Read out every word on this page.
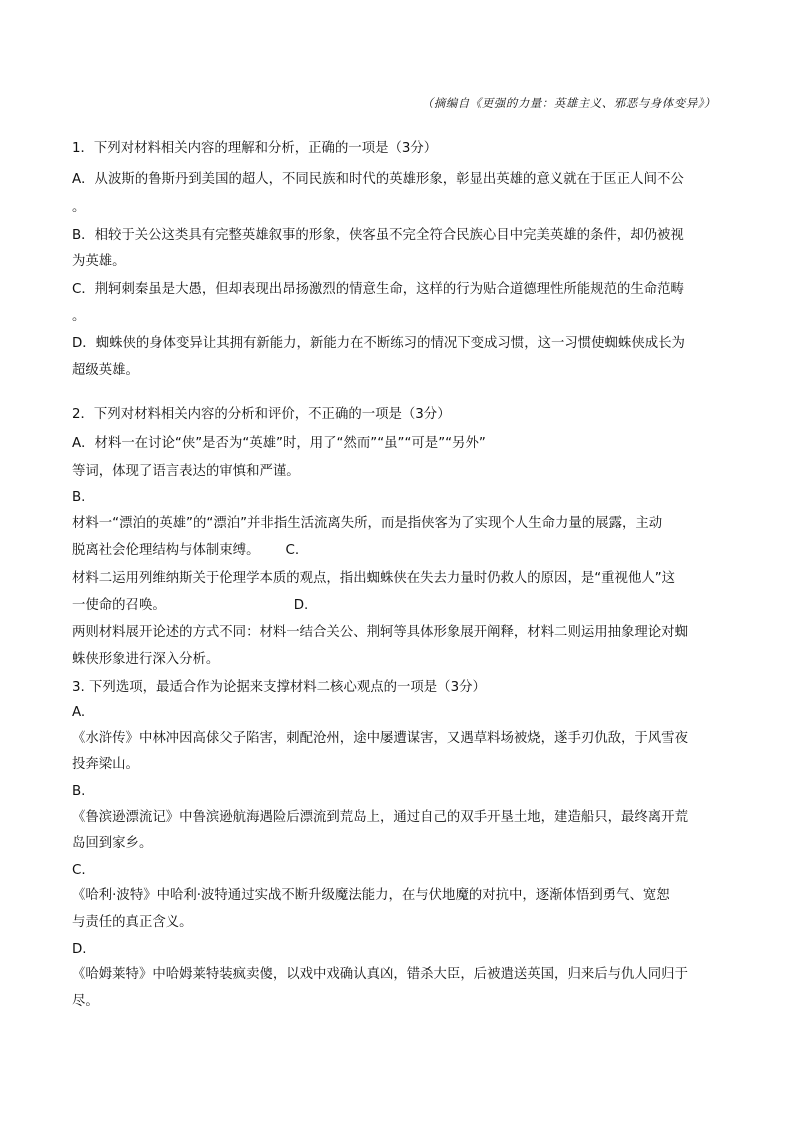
（摘编自《更强的力量：英雄主义、邪恶与身体变异》）
1．下列对材料相关内容的理解和分析，正确的一项是（3分）
A．从波斯的鲁斯丹到美国的超人，不同民族和时代的英雄形象，彰显出英雄的意义就在于匡正人间不公
。
B．相较于关公这类具有完整英雄叙事的形象，侠客虽不完全符合民族心目中完美英雄的条件，却仍被视
为英雄。
C．荆轲刺秦虽是大愚，但却表现出昂扬激烈的情意生命，这样的行为贴合道德理性所能规范的生命范畴
。
D．蜘蛛侠的身体变异让其拥有新能力，新能力在不断练习的情况下变成习惯，这一习惯使蜘蛛侠成长为
超级英雄。
2．下列对材料相关内容的分析和评价，不正确的一项是（3分）
A．材料一在讨论“侠”是否为“英雄”时，用了“然而”“虽”“可是”“另外”
等词，体现了语言表达的审慎和严谨。
B.
材料一“漂泊的英雄”的“漂泊”并非指生活流离失所，而是指侠客为了实现个人生命力量的展露，主动
脱离社会伦理结构与体制束缚。 C.
材料二运用列维纳斯关于伦理学本质的观点，指出蜘蛛侠在失去力量时仍救人的原因，是“重视他人”这
一使命的召唤。	D.
两则材料展开论述的方式不同：材料一结合关公、荆轲等具体形象展开阐释，材料二则运用抽象理论对蜘
蛛侠形象进行深入分析。
3. 下列选项，最适合作为论据来支撑材料二核心观点的一项是（3分）
A.
《水浒传》中林冲因高俅父子陷害，刺配沧州，途中屡遭谋害，又遇草料场被烧，遂手刃仇敌，于风雪夜
投奔梁山。
B.
《鲁滨逊漂流记》中鲁滨逊航海遇险后漂流到荒岛上，通过自己的双手开垦土地，建造船只，最终离开荒
岛回到家乡。
C.
《哈利·波特》中哈利·波特通过实战不断升级魔法能力，在与伏地魔的对抗中，逐渐体悟到勇气、宽恕
与责任的真正含义。
D.
《哈姆莱特》中哈姆莱特装疯卖傻，以戏中戏确认真凶，错杀大臣，后被遣送英国，归来后与仇人同归于
尽。
